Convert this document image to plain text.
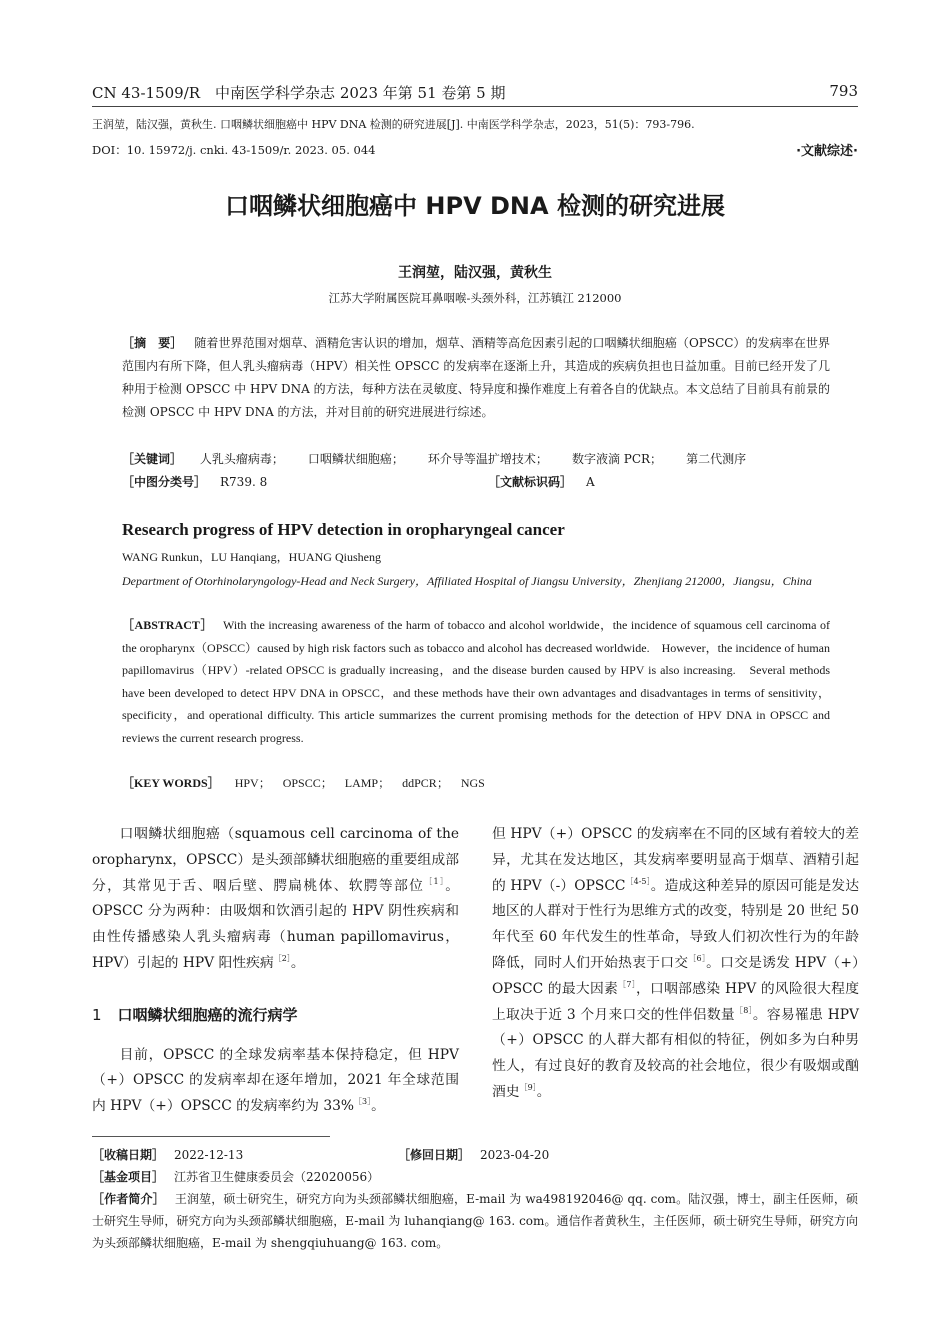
CN 43-1509/R　中南医学科学杂志 2023 年第 51 卷第 5 期	793
王润堃，陆汉强，黄秋生. 口咽鳞状细胞癌中 HPV DNA 检测的研究进展[J]. 中南医学科学杂志，2023，51(5)：793-796.
DOI：10. 15972/j. cnki. 43-1509/r. 2023. 05. 044	·文献综述·
口咽鳞状细胞癌中 HPV DNA 检测的研究进展
王润堃，陆汉强，黄秋生
江苏大学附属医院耳鼻咽喉-头颈外科，江苏镇江 212000
［摘　要］ 随着世界范围对烟草、酒精危害认识的增加，烟草、酒精等高危因素引起的口咽鳞状细胞癌（OPSCC）的发病率在世界范围内有所下降，但人乳头瘤病毒（HPV）相关性 OPSCC 的发病率在逐渐上升，其造成的疾病负担也日益加重。目前已经开发了几种用于检测 OPSCC 中 HPV DNA 的方法，每种方法在灵敏度、特异度和操作难度上有着各自的优缺点。本文总结了目前具有前景的检测 OPSCC 中 HPV DNA 的方法，并对目前的研究进展进行综述。
［关键词］ 人乳头瘤病毒； 口咽鳞状细胞癌； 环介导等温扩增技术； 数字液滴 PCR； 第二代测序
［中图分类号］ R739. 8	［文献标识码］ A
Research progress of HPV detection in oropharyngeal cancer
WANG Runkun，LU Hanqiang，HUANG Qiusheng
Department of Otorhinolaryngology-Head and Neck Surgery，Affiliated Hospital of Jiangsu University，Zhenjiang 212000，Jiangsu，China
［ABSTRACT］ With the increasing awareness of the harm of tobacco and alcohol worldwide，the incidence of squamous cell carcinoma of the oropharynx（OPSCC）caused by high risk factors such as tobacco and alcohol has decreased worldwide.　However，the incidence of human papillomavirus（HPV）-related OPSCC is gradually increasing，and the disease burden caused by HPV is also increasing.　Several methods have been developed to detect HPV DNA in OPSCC，and these methods have their own advantages and disadvantages in terms of sensitivity，specificity，and operational difficulty. This article summarizes the current promising methods for the detection of HPV DNA in OPSCC and reviews the current research progress.
［KEY WORDS］ HPV； OPSCC； LAMP； ddPCR； NGS

口咽鳞状细胞癌（squamous cell carcinoma of the oropharynx，OPSCC）是头颈部鳞状细胞癌的重要组成部分，其常见于舌、咽后壁、腭扁桃体、软腭等部位$^{[1]}$。OPSCC 分为两种：由吸烟和饮酒引起的 HPV 阴性疾病和由性传播感染人乳头瘤病毒（human papillomavirus，HPV）引起的 HPV 阳性疾病$^{[2]}$。

1 口咽鳞状细胞癌的流行病学

目前，OPSCC 的全球发病率基本保持稳定，但 HPV（+）OPSCC 的发病率却在逐年增加，2021 年全球范围内 HPV（+）OPSCC 的发病率约为 33%$^{[3]}$。

但 HPV（+）OPSCC 的发病率在不同的区域有着较大的差异，尤其在发达地区，其发病率要明显高于烟草、酒精引起的 $HPV(-)OPSCC^{[4-5]}$。造成这种差异的原因可能是发达地区的人群对于性行为思维方式的改变，特别是 20 世纪 50 年代至 60 年代发生的性革命，导致人们初次性行为的年龄降低，同时人们开始热衷于口交$^{[6]}$。口交是诱发 HPV（+）OPSCC 的最大因素$^{[7]}$，口咽部感染 HPV 的风险很大程度上取决于近 3 个月来口交的性伴侣数量$^{[8]}$。容易罹患 HPV（+）OPSCC 的人群大都有相似的特征，例如多为白种男性人，有过良好的教育及较高的社会地位，很少有吸烟或酗酒史$^{[9]}$。

［收稿日期］ 2022-12-13	［修回日期］ 2023-04-20
［基金项目］ 江苏省卫生健康委员会（22020056）
［作者简介］ 王润堃，硕士研究生，研究方向为头颈部鳞状细胞癌，E-mail 为 wa498192046@ qq. com。陆汉强，博士，副主任医师，硕士研究生导师，研究方向为头颈部鳞状细胞癌，E-mail 为 luhanqiang@ 163. com。通信作者黄秋生，主任医师，硕士研究生导师，研究方向为头颈部鳞状细胞癌，E-mail 为 shengqiuhuang@ 163. com。
